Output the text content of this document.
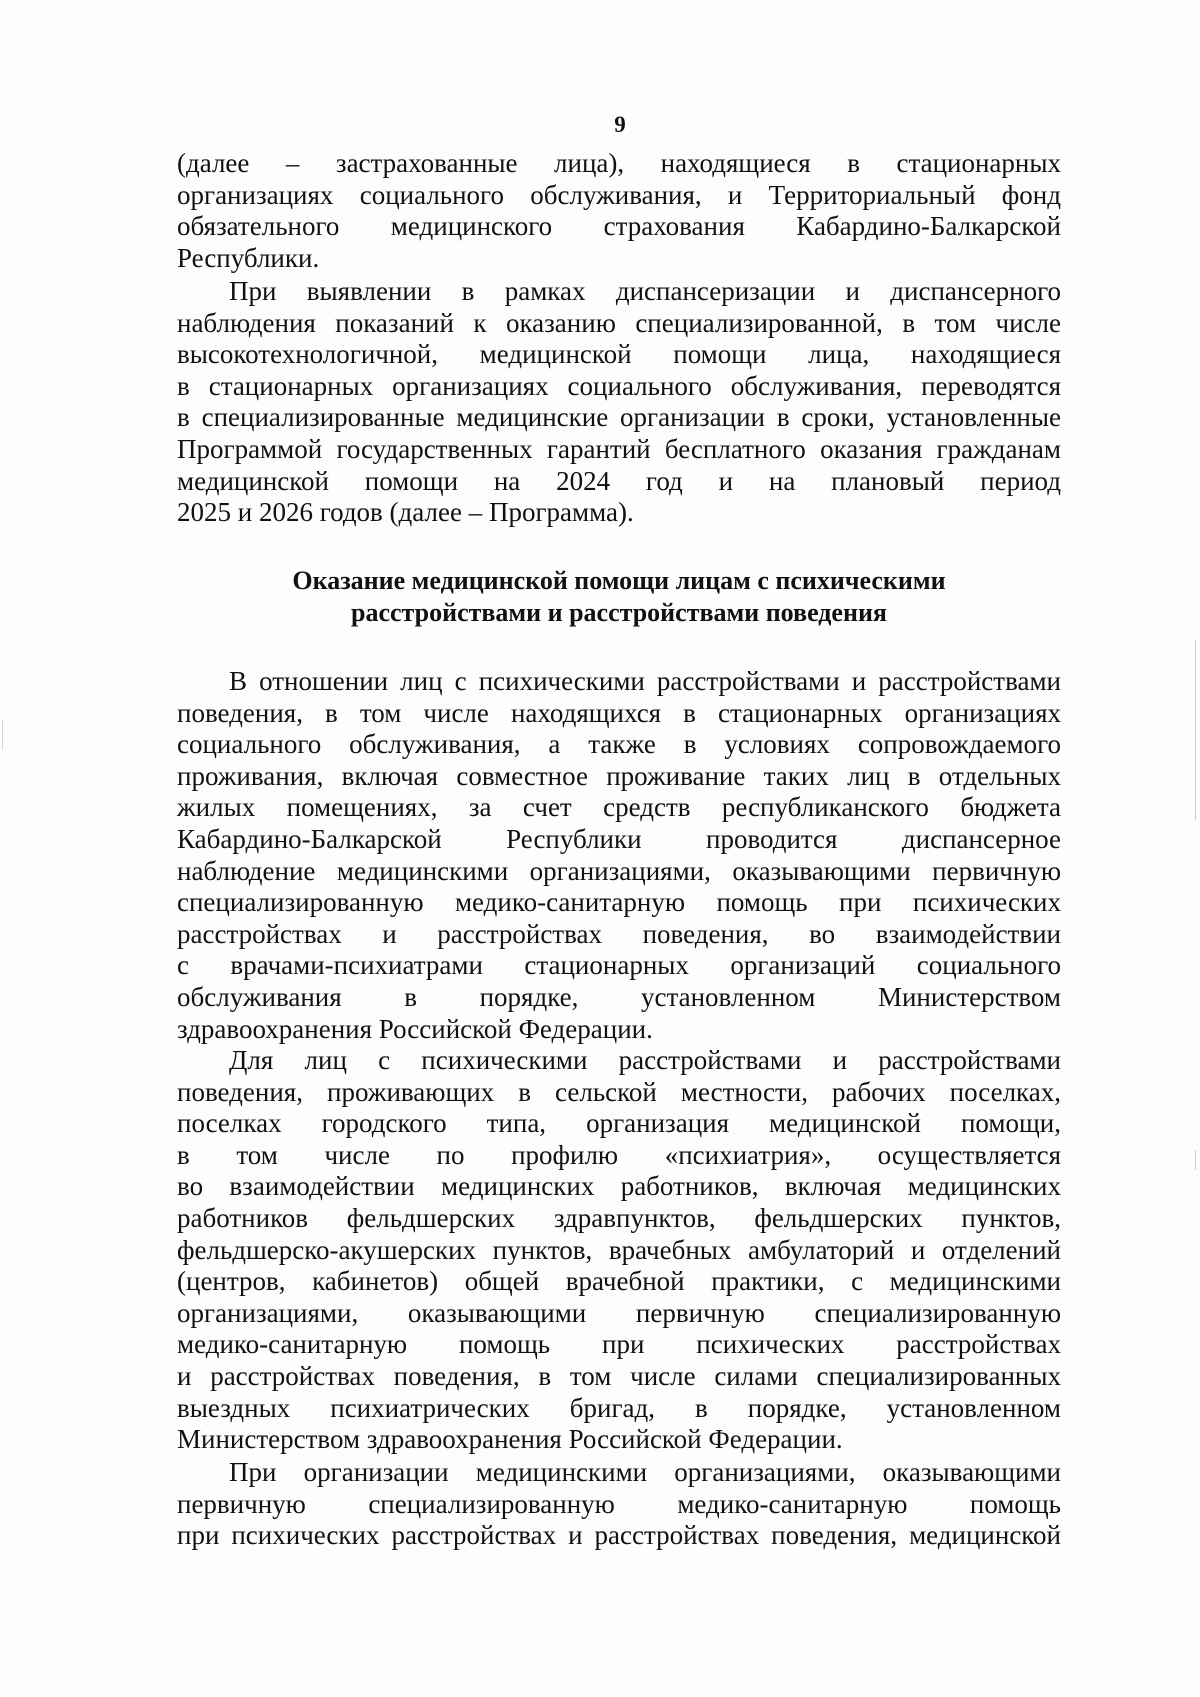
9
(далее – застрахованные лица), находящиеся в стационарных
организациях социального обслуживания, и Территориальный фонд
обязательного медицинского страхования Кабардино-Балкарской
Республики.
При выявлении в рамках диспансеризации и диспансерного
наблюдения показаний к оказанию специализированной, в том числе
высокотехнологичной, медицинской помощи лица, находящиеся
в стационарных организациях социального обслуживания, переводятся
в специализированные медицинские организации в сроки, установленные
Программой государственных гарантий бесплатного оказания гражданам
медицинской помощи на 2024 год и на плановый период
2025 и 2026 годов (далее – Программа).
Оказание медицинской помощи лицам с психическими
расстройствами и расстройствами поведения
В отношении лиц с психическими расстройствами и расстройствами
поведения, в том числе находящихся в стационарных организациях
социального обслуживания, а также в условиях сопровождаемого
проживания, включая совместное проживание таких лиц в отдельных
жилых помещениях, за счет средств республиканского бюджета
Кабардино-Балкарской Республики проводится диспансерное
наблюдение медицинскими организациями, оказывающими первичную
специализированную медико-санитарную помощь при психических
расстройствах и расстройствах поведения, во взаимодействии
с врачами-психиатрами стационарных организаций социального
обслуживания в порядке, установленном Министерством
здравоохранения Российской Федерации.
Для лиц с психическими расстройствами и расстройствами
поведения, проживающих в сельской местности, рабочих поселках,
поселках городского типа, организация медицинской помощи,
в том числе по профилю «психиатрия», осуществляется
во взаимодействии медицинских работников, включая медицинских
работников фельдшерских здравпунктов, фельдшерских пунктов,
фельдшерско-акушерских пунктов, врачебных амбулаторий и отделений
(центров, кабинетов) общей врачебной практики, с медицинскими
организациями, оказывающими первичную специализированную
медико-санитарную помощь при психических расстройствах
и расстройствах поведения, в том числе силами специализированных
выездных психиатрических бригад, в порядке, установленном
Министерством здравоохранения Российской Федерации.
При организации медицинскими организациями, оказывающими
первичную специализированную медико-санитарную помощь
при психических расстройствах и расстройствах поведения, медицинской
